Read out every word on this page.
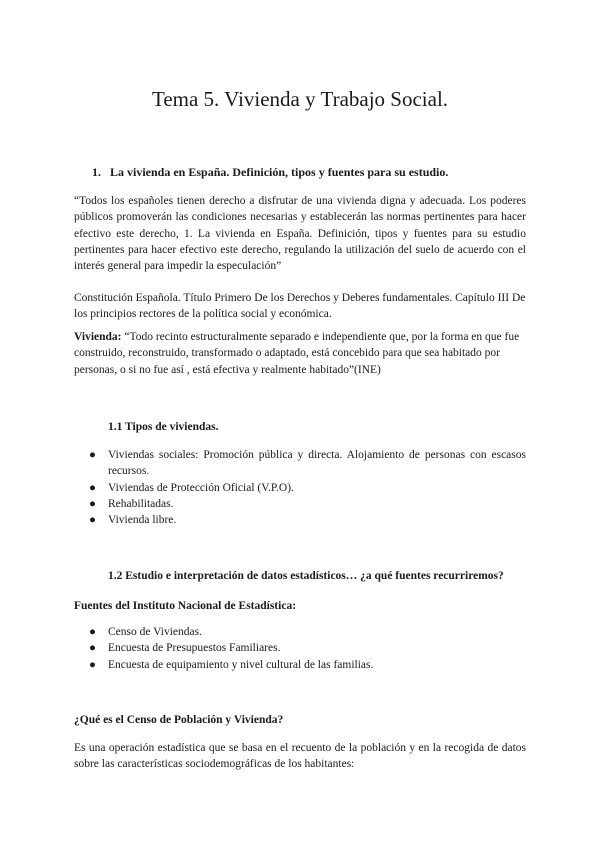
Tema 5. Vivienda y Trabajo Social.

1. La vivienda en España. Definición, tipos y fuentes para su estudio.

“Todos los españoles tienen derecho a disfrutar de una vivienda digna y adecuada. Los poderes públicos promoverán las condiciones necesarias y establecerán las normas pertinentes para hacer efectivo este derecho, 1. La vivienda en España. Definición, tipos y fuentes para su estudio pertinentes para hacer efectivo este derecho, regulando la utilización del suelo de acuerdo con el interés general para impedir la especulación”

Constitución Española. Título Primero De los Derechos y Deberes fundamentales. Capítulo III De los principios rectores de la política social y económica.

Vivienda: “Todo recinto estructuralmente separado e independiente que, por la forma en que fue construido, reconstruido, transformado o adaptado, está concebido para que sea habitado por personas, o si no fue así , está efectiva y realmente habitado”(INE)

1.1 Tipos de viviendas.

● Viviendas sociales: Promoción pública y directa. Alojamiento de personas con escasos recursos.
● Viviendas de Protección Oficial (V.P.O).
● Rehabilitadas.
● Vivienda libre.

1.2 Estudio e interpretación de datos estadísticos… ¿a qué fuentes recurriremos?

Fuentes del Instituto Nacional de Estadística:

● Censo de Viviendas.
● Encuesta de Presupuestos Familiares.
● Encuesta de equipamiento y nivel cultural de las familias.

¿Qué es el Censo de Población y Vivienda?

Es una operación estadística que se basa en el recuento de la población y en la recogida de datos sobre las características sociodemográficas de los habitantes:
